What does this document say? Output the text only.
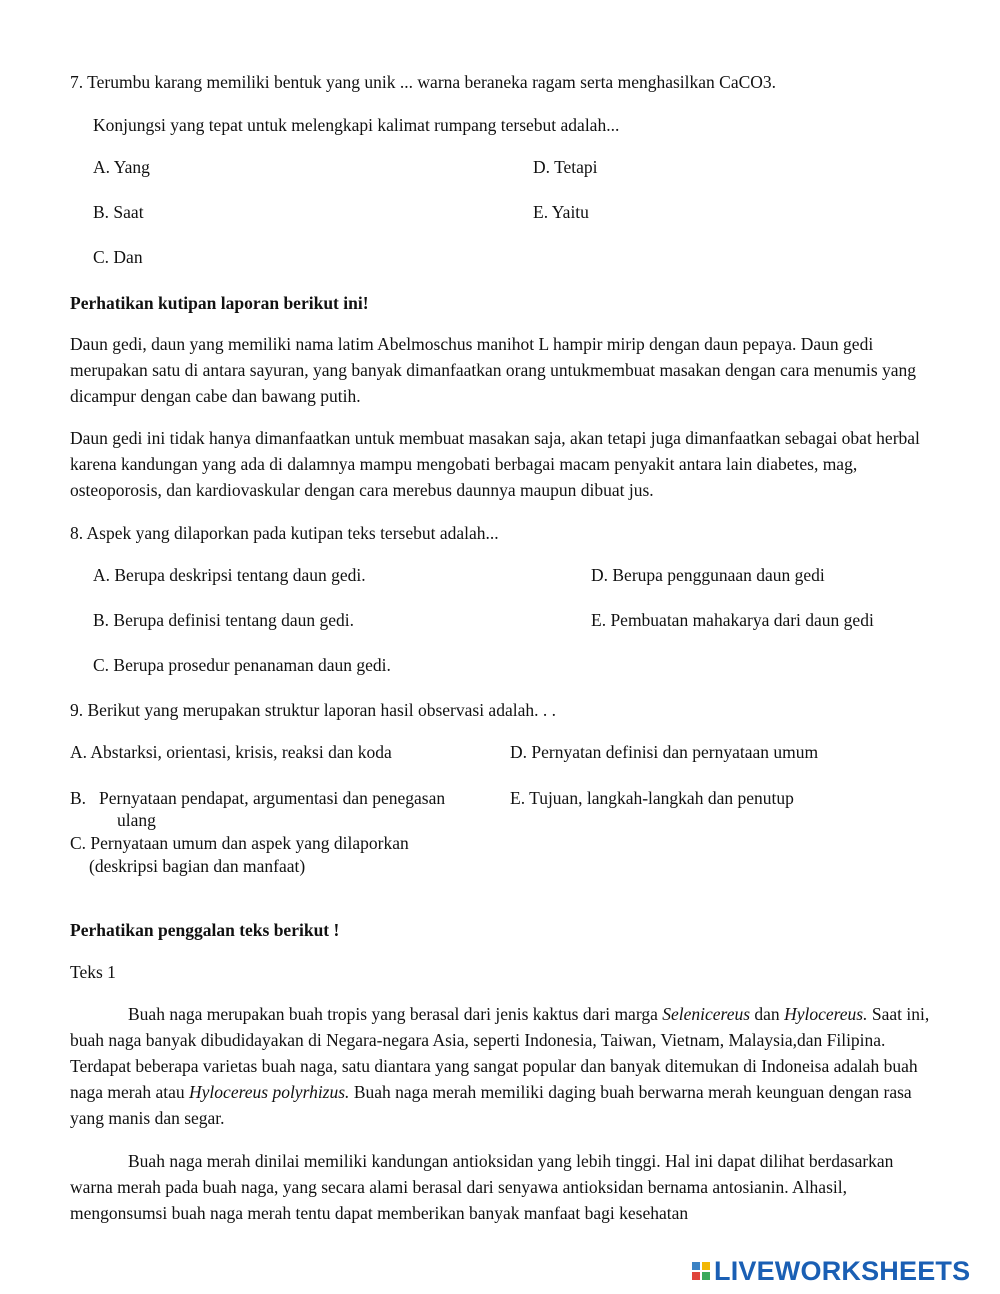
7. Terumbu karang memiliki bentuk yang unik ... warna beraneka ragam serta menghasilkan CaCO3.
Konjungsi yang tepat untuk melengkapi kalimat rumpang tersebut adalah...
A. Yang
B. Saat
C. Dan
D. Tetapi
E. Yaitu
Perhatikan kutipan laporan berikut ini!
Daun gedi, daun yang memiliki nama latim Abelmoschus manihot L hampir mirip dengan daun pepaya. Daun gedi merupakan satu di antara sayuran, yang banyak dimanfaatkan orang untukmembuat masakan dengan cara menumis yang dicampur dengan cabe dan bawang putih.
Daun gedi ini tidak hanya dimanfaatkan untuk membuat masakan saja, akan tetapi juga dimanfaatkan sebagai obat herbal karena kandungan yang ada di dalamnya mampu mengobati berbagai macam penyakit antara lain diabetes, mag, osteoporosis, dan kardiovaskular dengan cara merebus daunnya maupun dibuat jus.
8. Aspek yang dilaporkan pada kutipan teks tersebut adalah...
A. Berupa deskripsi tentang daun gedi.
B. Berupa definisi tentang daun gedi.
C. Berupa prosedur penanaman daun gedi.
D. Berupa penggunaan daun gedi
E. Pembuatan mahakarya dari daun gedi
9. Berikut yang merupakan struktur laporan hasil observasi adalah. . .
A. Abstarksi, orientasi, krisis, reaksi dan koda
B. Pernyataan pendapat, argumentasi dan penegasan
ulang
C. Pernyataan umum dan aspek yang dilaporkan
(deskripsi bagian dan manfaat)
D. Pernyatan definisi dan pernyataan umum
E. Tujuan, langkah-langkah dan penutup
Perhatikan penggalan teks berikut !
Teks 1
Buah naga merupakan buah tropis yang berasal dari jenis kaktus dari marga Selenicereus dan Hylocereus. Saat ini, buah naga banyak dibudidayakan di Negara-negara Asia, seperti Indonesia, Taiwan, Vietnam, Malaysia,dan Filipina. Terdapat beberapa varietas buah naga, satu diantara yang sangat popular dan banyak ditemukan di Indoneisa adalah buah naga merah atau Hylocereus polyrhizus. Buah naga merah memiliki daging buah berwarna merah keunguan dengan rasa yang manis dan segar.
Buah naga merah dinilai memiliki kandungan antioksidan yang lebih tinggi. Hal ini dapat dilihat berdasarkan warna merah pada buah naga, yang secara alami berasal dari senyawa antioksidan bernama antosianin. Alhasil, mengonsumsi buah naga merah tentu dapat memberikan banyak manfaat bagi kesehatan
LIVEWORKSHEETS
